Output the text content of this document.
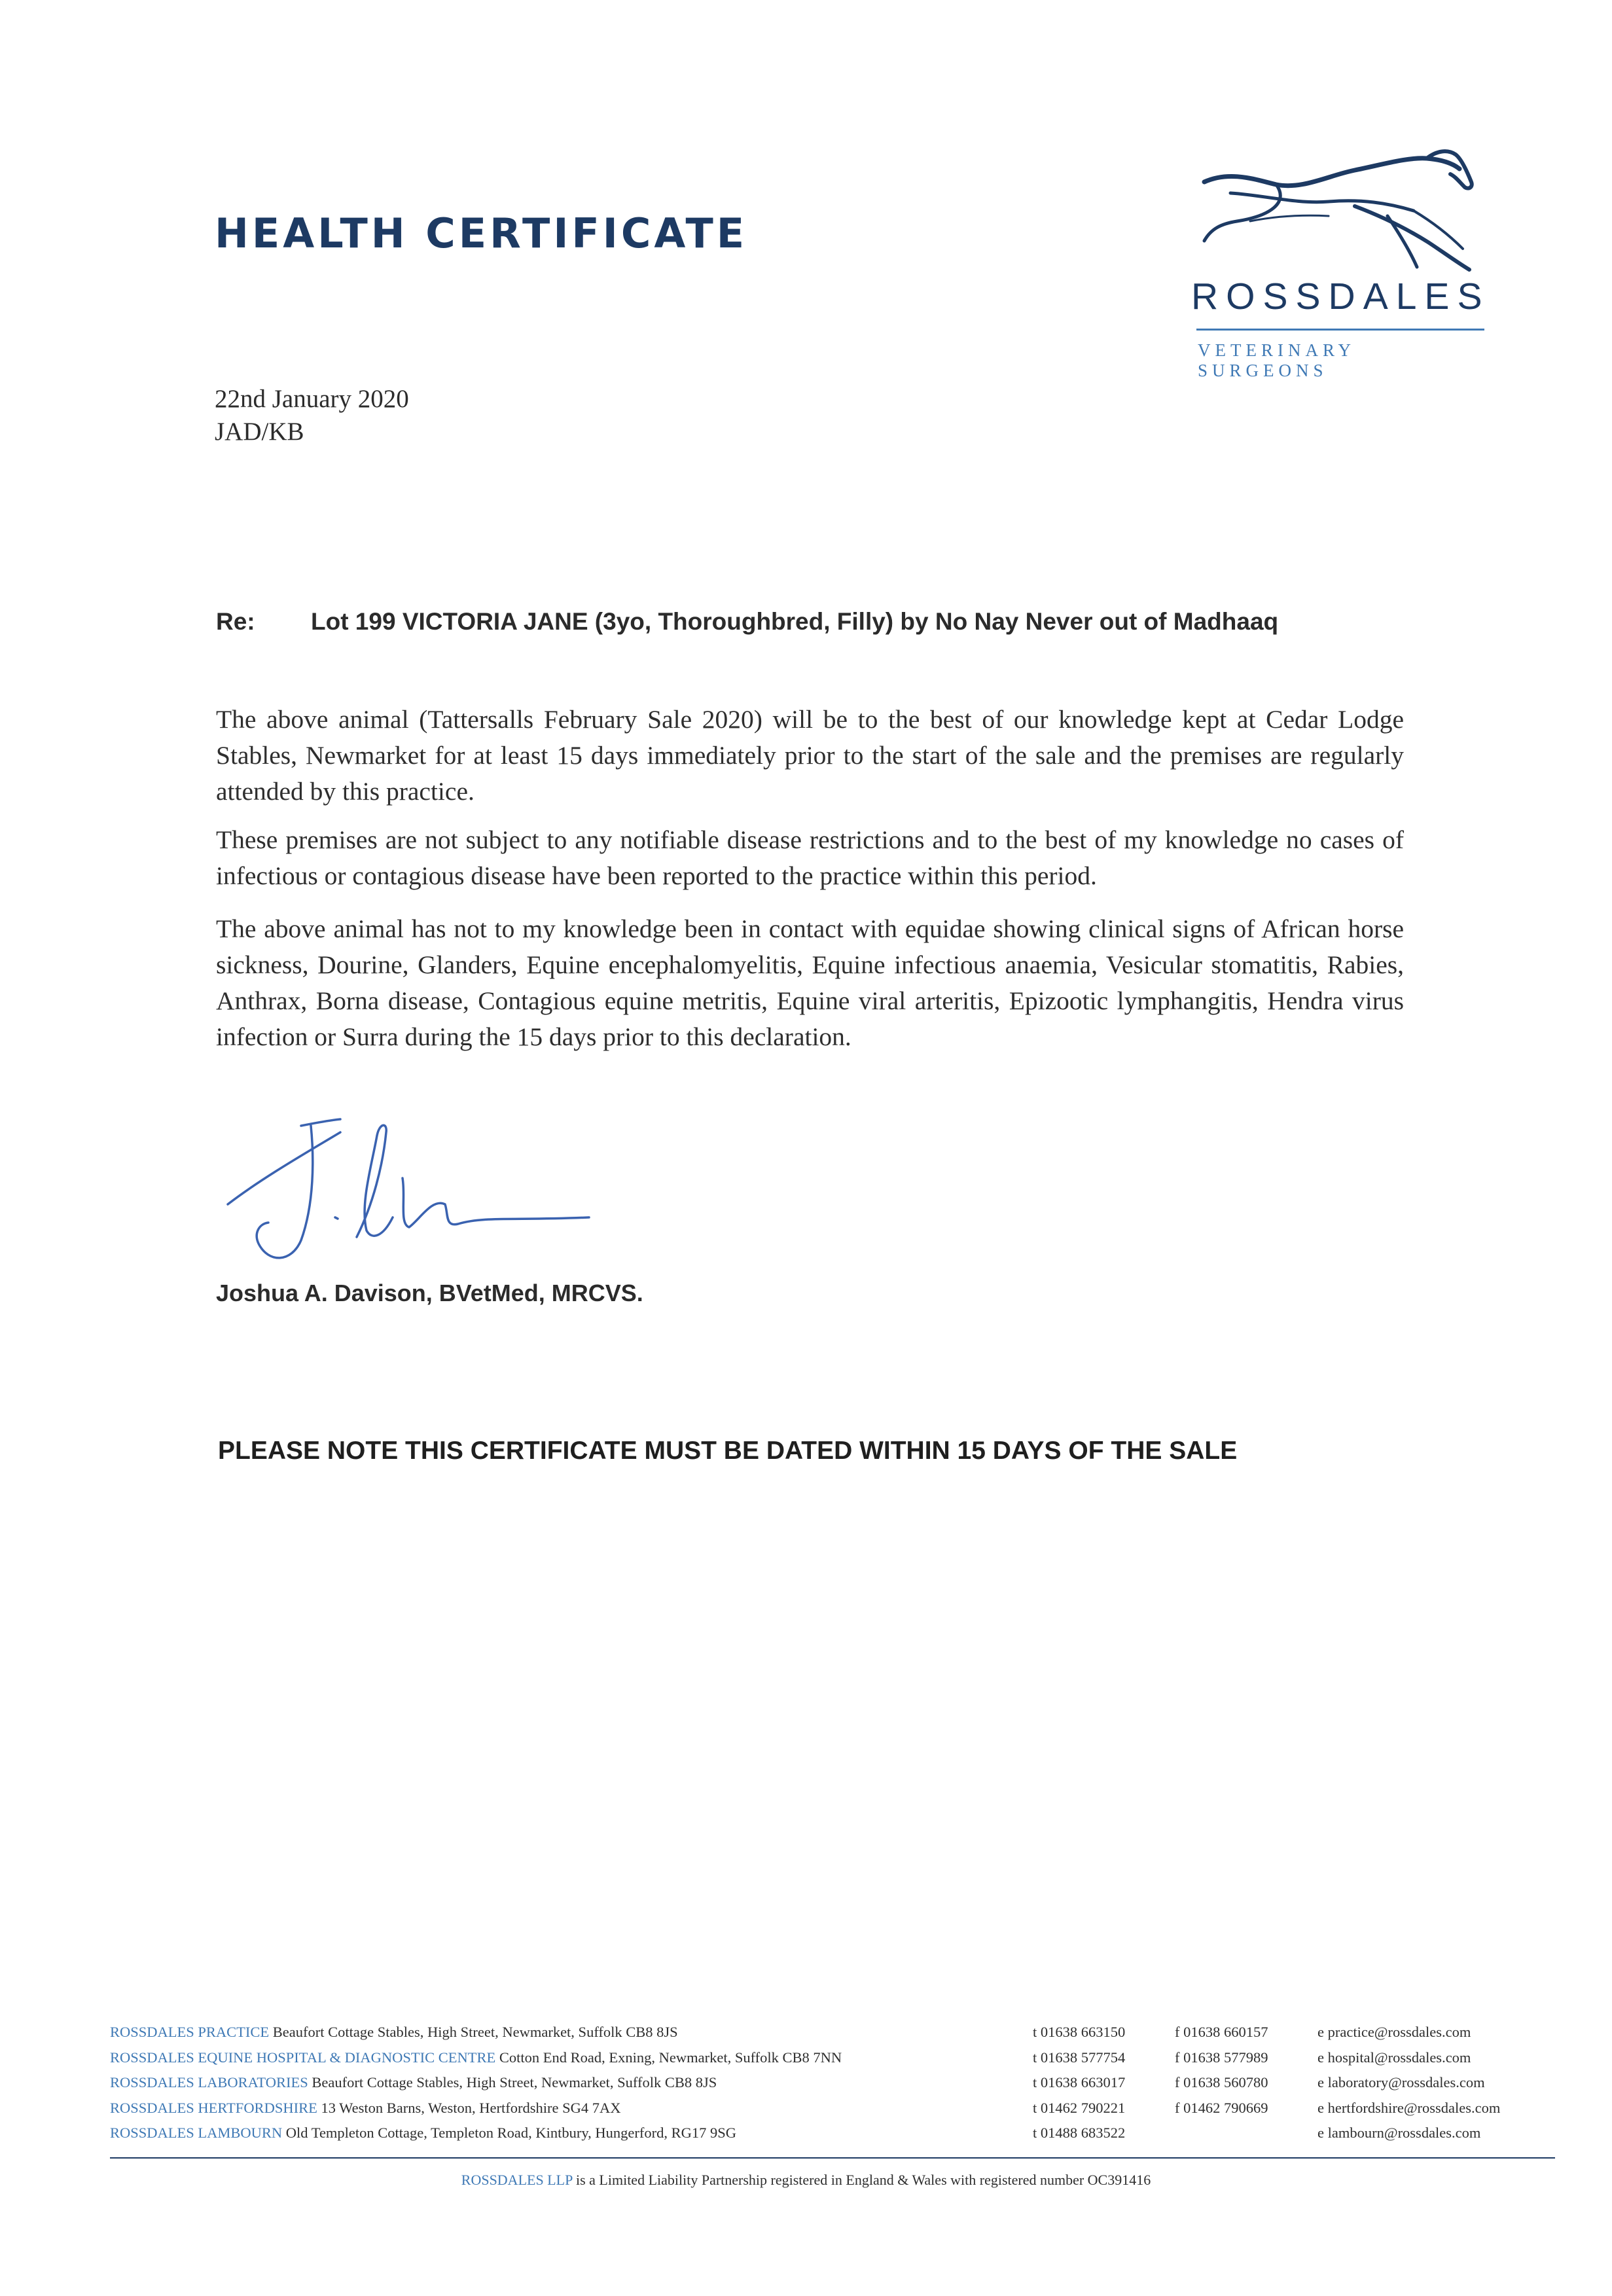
HEALTH CERTIFICATE
ROSSDALES
VETERINARY SURGEONS
22nd January 2020
JAD/KB
Re: Lot 199 VICTORIA JANE (3yo, Thoroughbred, Filly) by No Nay Never out of Madhaaq
The above animal (Tattersalls February Sale 2020) will be to the best of our knowledge kept at Cedar Lodge Stables, Newmarket for at least 15 days immediately prior to the start of the sale and the premises are regularly attended by this practice.
These premises are not subject to any notifiable disease restrictions and to the best of my knowledge no cases of infectious or contagious disease have been reported to the practice within this period.
The above animal has not to my knowledge been in contact with equidae showing clinical signs of African horse sickness, Dourine, Glanders, Equine encephalomyelitis, Equine infectious anaemia, Vesicular stomatitis, Rabies, Anthrax, Borna disease, Contagious equine metritis, Equine viral arteritis, Epizootic lymphangitis, Hendra virus infection or Surra during the 15 days prior to this declaration.
Joshua A. Davison, BVetMed, MRCVS.
PLEASE NOTE THIS CERTIFICATE MUST BE DATED WITHIN 15 DAYS OF THE SALE
ROSSDALES PRACTICE Beaufort Cottage Stables, High Street, Newmarket, Suffolk CB8 8JS	t 01638 663150	f 01638 660157	e practice@rossdales.com
ROSSDALES EQUINE HOSPITAL & DIAGNOSTIC CENTRE Cotton End Road, Exning, Newmarket, Suffolk CB8 7NN	t 01638 577754	f 01638 577989	e hospital@rossdales.com
ROSSDALES LABORATORIES Beaufort Cottage Stables, High Street, Newmarket, Suffolk CB8 8JS	t 01638 663017	f 01638 560780	e laboratory@rossdales.com
ROSSDALES HERTFORDSHIRE 13 Weston Barns, Weston, Hertfordshire SG4 7AX	t 01462 790221	f 01462 790669	e hertfordshire@rossdales.com
ROSSDALES LAMBOURN Old Templeton Cottage, Templeton Road, Kintbury, Hungerford, RG17 9SG	t 01488 683522		e lambourn@rossdales.com
ROSSDALES LLP is a Limited Liability Partnership registered in England & Wales with registered number OC391416
